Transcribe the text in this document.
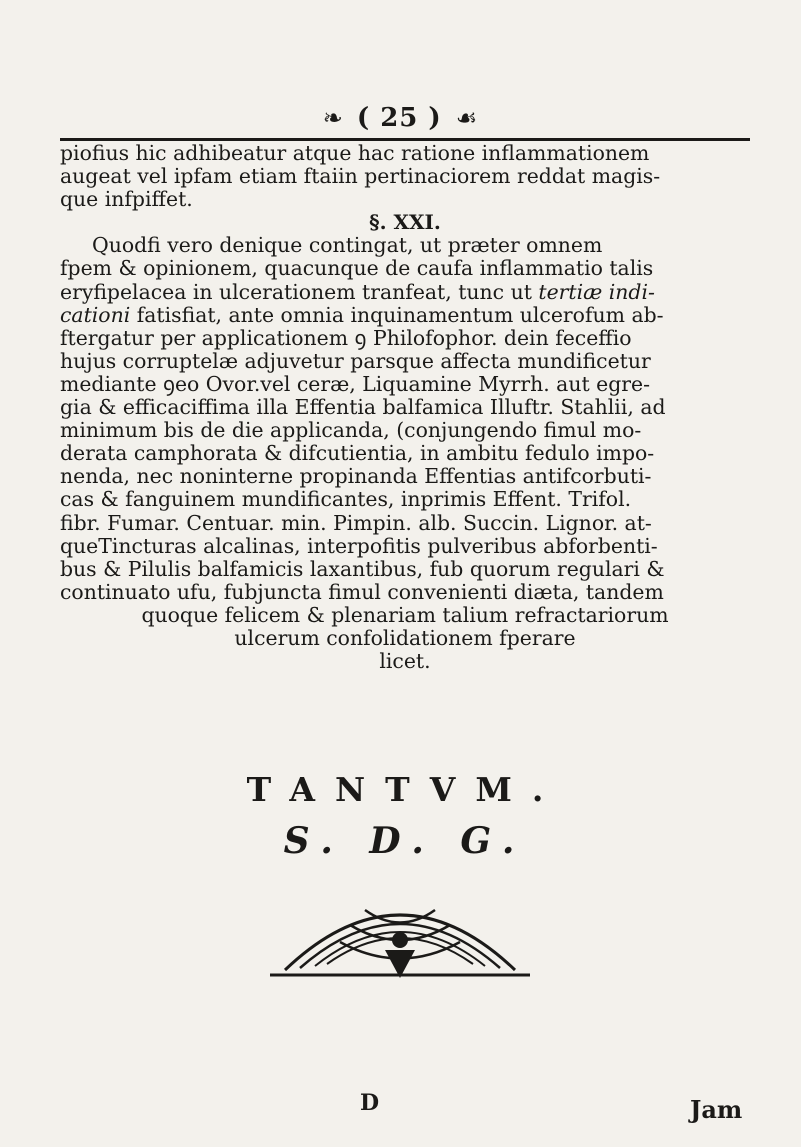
❧ ( 25 ) ☙

piofius hic adhibeatur atque hac ratione inflammationem

augeat vel ipfam etiam ftaiin pertinaciorem reddat magis-

que infpiffet.

§. XXI.

Quodfi vero denique contingat, ut præter omnem

fpem & opinionem, quacunque de caufa inflammatio talis

eryfipelacea in ulcerationem tranfeat, tunc ut tertiæ indi-

cationi fatisfiat, ante omnia inquinamentum ulcerofum ab-

ftergatur per applicationem ꝯ Philofophor. dein feceffio

hujus corruptelæ adjuvetur parsque affecta mundificetur

mediante ꝯeo Ovor.vel ceræ, Liquamine Myrrh. aut egre-

gia & efficaciffima illa Effentia balfamica Illuftr. Stahlii, ad

minimum bis de die applicanda, (conjungendo fimul mo-

derata camphorata & difcutientia, in ambitu fedulo impo-

nenda, nec noninterne propinanda Effentias antifcorbuti-

cas & fanguinem mundificantes, inprimis Effent. Trifol.

fibr. Fumar. Centuar. min. Pimpin. alb. Succin. Lignor. at-

queTincturas alcalinas, interpofitis pulveribus abforbenti-

bus & Pilulis balfamicis laxantibus, fub quorum regulari &

continuato ufu, fubjuncta fimul convenienti diæta, tandem

quoque felicem & plenariam talium refractariorum

ulcerum confolidationem fperare

licet.

TANTVM.
S. D. G.
D	Jam
